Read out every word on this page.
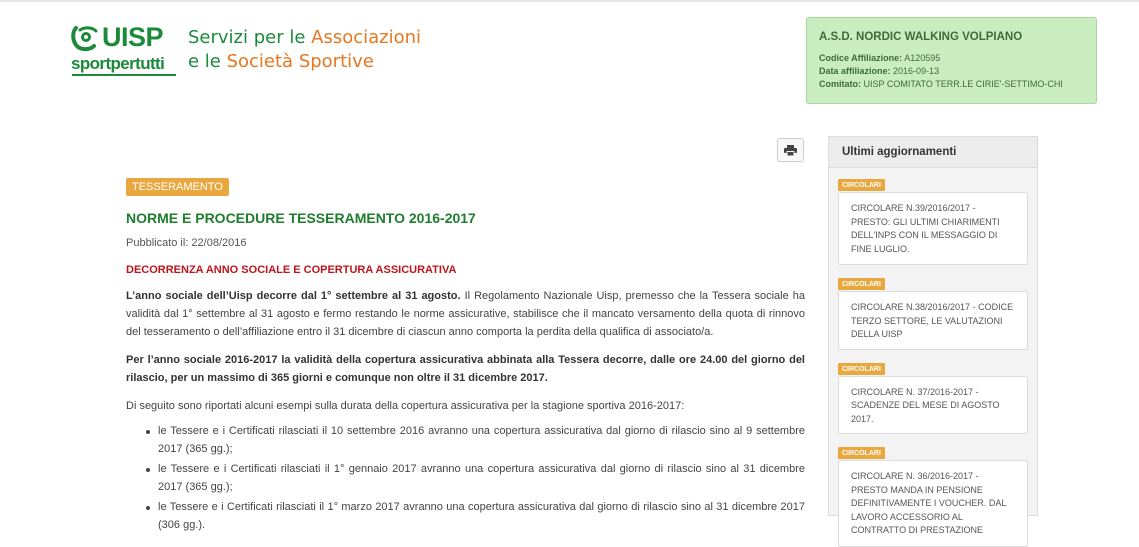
UISP
sportpertutti
Servizi per le Associazioni
e le Società Sportive
A.S.D. NORDIC WALKING VOLPIANO
Codice Affiliazione: A120595
Data affiliazione: 2016-09-13
Comitato: UISP COMITATO TERR.LE CIRIE'-SETTIMO-CHI
TESSERAMENTO
NORME E PROCEDURE TESSERAMENTO 2016-2017
Pubblicato il: 22/08/2016
DECORRENZA ANNO SOCIALE E COPERTURA ASSICURATIVA

L’anno sociale dell’Uisp decorre dal 1° settembre al 31 agosto. Il Regolamento Nazionale Uisp, premesso che la Tessera sociale ha validità dal 1° settembre al 31 agosto e fermo restando le norme assicurative, stabilisce che il mancato versamento della quota di rinnovo del tesseramento o dell’affiliazione entro il 31 dicembre di ciascun anno comporta la perdita della qualifica di associato/a.

Per l’anno sociale 2016-2017 la validità della copertura assicurativa abbinata alla Tessera decorre, dalle ore 24.00 del giorno del rilascio, per un massimo di 365 giorni e comunque non oltre il 31 dicembre 2017.

Di seguito sono riportati alcuni esempi sulla durata della copertura assicurativa per la stagione sportiva 2016-2017:

le Tessere e i Certificati rilasciati il 10 settembre 2016 avranno una copertura assicurativa dal giorno di rilascio sino al 9 settembre 2017 (365 gg.);
le Tessere e i Certificati rilasciati il 1° gennaio 2017 avranno una copertura assicurativa dal giorno di rilascio sino al 31 dicembre 2017 (365 gg.);
le Tessere e i Certificati rilasciati il 1° marzo 2017 avranno una copertura assicurativa dal giorno di rilascio sino al 31 dicembre 2017 (306 gg.).
Ultimi aggiornamenti
CIRCOLARI
CIRCOLARE N.39/2016/2017 - PRESTO: GLI ULTIMI CHIARIMENTI DELL'INPS CON IL MESSAGGIO DI FINE LUGLIO.
CIRCOLARI
CIRCOLARE N.38/2016/2017 - CODICE TERZO SETTORE, LE VALUTAZIONI DELLA UISP
CIRCOLARI
CIRCOLARE N. 37/2016-2017 - SCADENZE DEL MESE DI AGOSTO 2017.
CIRCOLARI
CIRCOLARE N. 36/2016-2017 - PRESTO MANDA IN PENSIONE DEFINITIVAMENTE I VOUCHER. DAL LAVORO ACCESSORIO AL CONTRATTO DI PRESTAZIONE
